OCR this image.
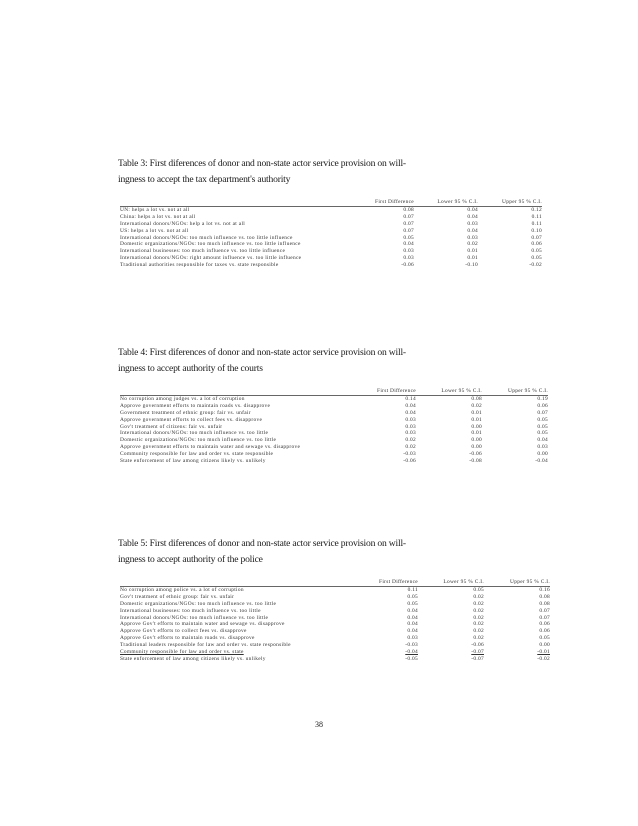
Table 3: First diferences of donor and non-state actor service provision on will-
ingness to accept the tax department's authority
	First Difference	Lower 95 % C.I.	Upper 95 % C.I.
UN: helps a lot vs. not at all	0.08	0.04	0.12
China: helps a lot vs. not at all	0.07	0.04	0.11
International donors/NGOs: help a lot vs. not at all	0.07	0.03	0.11
US: helps a lot vs. not at all	0.07	0.04	0.10
International donors/NGOs: too much influence vs. too little influence	0.05	0.03	0.07
Domestic organizations/NGOs: too much influence vs. too little influence	0.04	0.02	0.06
International businesses: too much influence vs. too little influence	0.03	0.01	0.05
International donors/NGOs: right amount influence vs. too little influence	0.03	0.01	0.05
Traditional authorities responsible for taxes vs. state responsible	-0.06	-0.10	-0.02
Table 4: First diferences of donor and non-state actor service provision on will-
ingness to accept authority of the courts
	First Difference	Lower 95 % C.I.	Upper 95 % C.I.
No corruption among judges vs. a lot of corruption	0.14	0.08	0.19
Approve government efforts to maintain roads vs. disapprove	0.04	0.02	0.06
Government treatment of ethnic group: fair vs. unfair	0.04	0.01	0.07
Approve government efforts to collect fees vs. disapprove	0.03	0.01	0.05
Gov't treatment of citizens: fair vs. unfair	0.03	0.00	0.05
International donors/NGOs: too much influence vs. too little	0.03	0.01	0.05
Domestic organizations/NGOs: too much influence vs. too little	0.02	0.00	0.04
Approve government efforts to maintain water and sewage vs. disapprove	0.02	0.00	0.03
Community responsible for law and order vs. state responsible	-0.03	-0.06	0.00
State enforcement of law among citizens likely vs. unlikely	-0.06	-0.08	-0.04
Table 5: First diferences of donor and non-state actor service provision on will-
ingness to accept authority of the police
	First Difference	Lower 95 % C.I.	Upper 95 % C.I.
No corruption among police vs. a lot of corruption	0.11	0.05	0.16
Gov't treatment of ethnic group: fair vs. unfair	0.05	0.02	0.08
Domestic organizations/NGOs: too much influence vs. too little	0.05	0.02	0.08
International businesses: too much influence vs. too little	0.04	0.02	0.07
International donors/NGOs: too much influence vs. too little	0.04	0.02	0.07
Approve Gov't efforts to maintain water and sewage vs. disapprove	0.04	0.02	0.06
Approve Gov't efforts to collect fees vs. disapprove	0.04	0.02	0.06
Approve Gov't efforts to maintain roads vs. disapprove	0.03	0.02	0.05
Traditional leaders responsible for law and order vs. state responsible	-0.03	-0.06	0.00
Community responsible for law and order vs. state	-0.04	-0.07	-0.01
State enforcement of law among citizens likely vs. unlikely	-0.05	-0.07	-0.02
38
